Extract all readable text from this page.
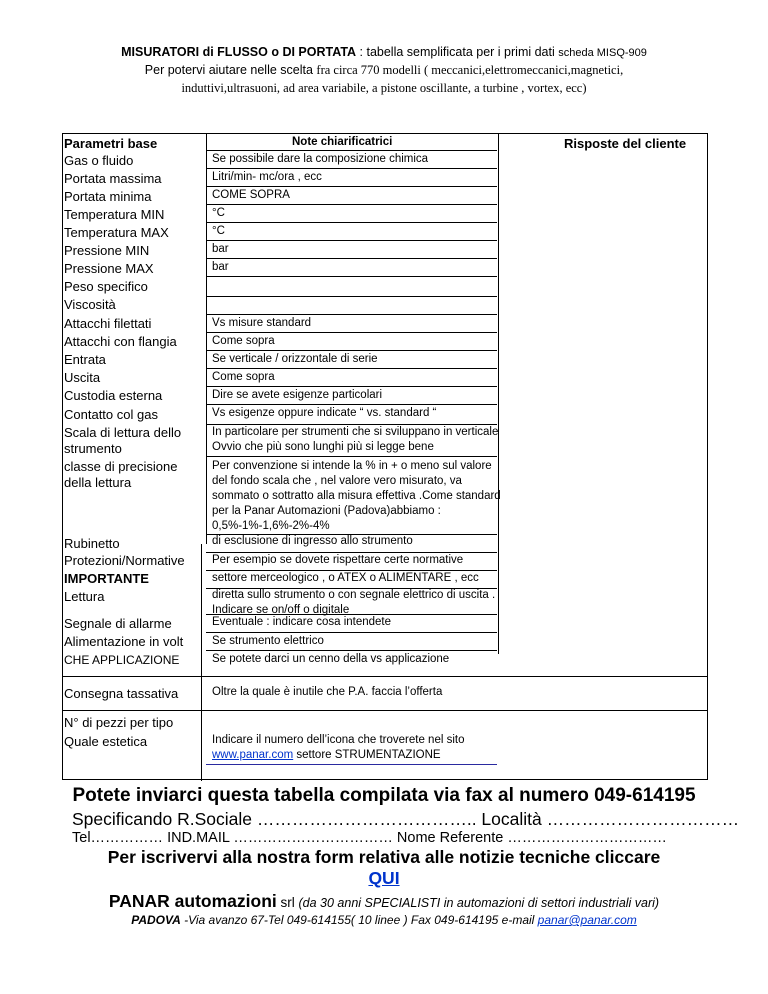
MISURATORI di FLUSSO o DI PORTATA : tabella semplificata per i primi dati scheda MISQ-909
Per potervi aiutare nelle scelta fra circa 770 modelli ( meccanici,elettromeccanici,magnetici,
induttivi,ultrasuoni, ad area variabile, a pistone oscillante, a turbine , vortex, ecc)
Parametri base	Note chiarificatrici	Risposte del cliente
Gas o fluido
Portata massima
Portata minima
Temperatura MIN
Temperatura MAX
Pressione MIN
Pressione MAX
Peso specifico
Viscosità
Attacchi filettati
Attacchi con flangia
Entrata
Uscita
Custodia esterna
Contatto col gas
Scala di lettura dello strumento
classe di precisione della lettura
Rubinetto
Protezioni/Normative
IMPORTANTE
Lettura
Segnale di allarme
Alimentazione in volt
CHE APPLICAZIONE
Consegna tassativa
N° di pezzi per tipo
Quale estetica
Se possibile dare la composizione chimica
Litri/min- mc/ora , ecc
COME SOPRA
°C
°C
bar
bar
Vs misure standard
Come sopra
Se verticale / orizzontale di serie
Come sopra
Dire se avete esigenze particolari
Vs esigenze oppure indicate “ vs. standard “
In particolare per strumenti che si sviluppano in verticale Ovvio che più sono lunghi più si legge bene
Per convenzione si intende la % in + o meno sul valore del fondo scala che , nel valore vero misurato, va sommato o sottratto alla misura effettiva .Come standard per la Panar Automazioni (Padova)abbiamo : 0,5%-1%-1,6%-2%-4%
di esclusione di ingresso allo strumento
Per esempio se dovete rispettare certe normative
settore merceologico , o ATEX o ALIMENTARE , ecc
diretta sullo strumento o con segnale elettrico di uscita . Indicare se on/off o digitale
Eventuale : indicare cosa intendete
Se strumento elettrico
Se potete darci un cenno della vs applicazione
Oltre la quale è inutile che P.A. faccia l’offerta
Indicare il numero dell’icona che troverete nel sito
www.panar.com settore STRUMENTAZIONE
Potete inviarci questa tabella compilata via fax al numero 049-614195
Specificando R.Sociale ……………………………….. Località ……………………………
Tel…………… IND.MAIL …………………………… Nome Referente ……………………………
Per iscrivervi alla nostra form relativa alle notizie tecniche cliccare
QUI
PANAR automazioni srl (da 30 anni SPECIALISTI in automazioni di settori industriali vari)
PADOVA -Via avanzo 67-Tel 049-614155( 10 linee ) Fax 049-614195 e-mail panar@panar.com
